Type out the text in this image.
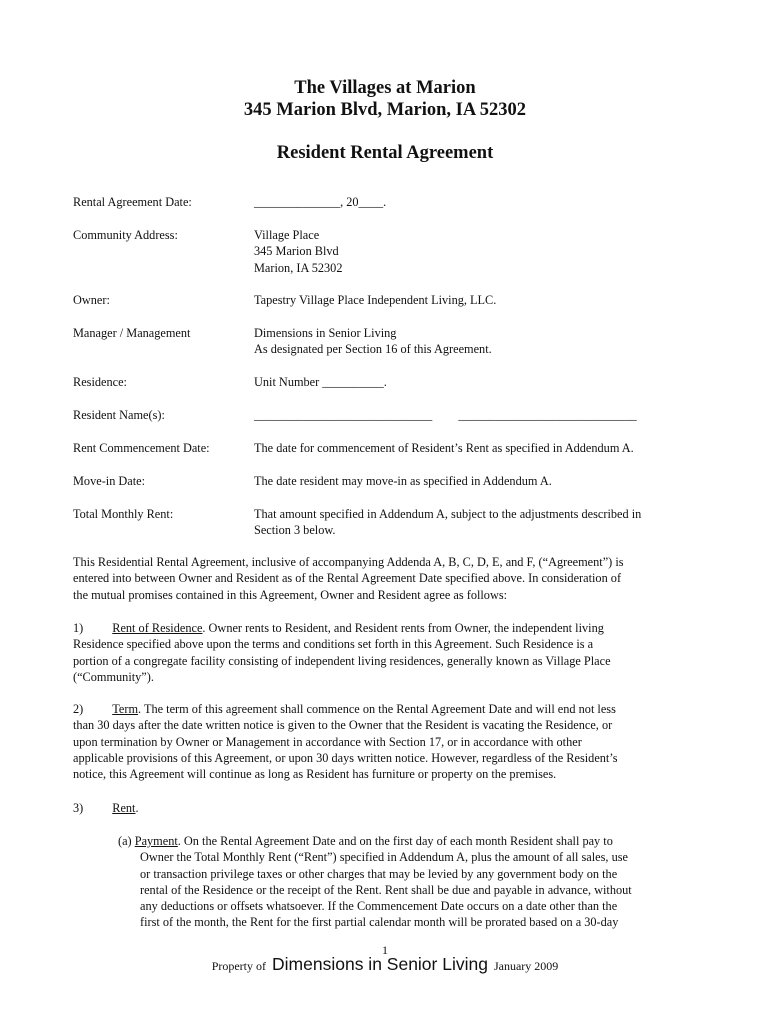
The Villages at Marion
345 Marion Blvd, Marion, IA 52302
Resident Rental Agreement
Rental Agreement Date:	______________, 20____.
Community Address:	Village Place
345 Marion Blvd
Marion, IA 52302
Owner:	Tapestry Village Place Independent Living, LLC.
Manager / Management	Dimensions in Senior Living
As designated per Section 16 of this Agreement.
Residence:	Unit Number __________.
Resident Name(s):	_____________________________ _____________________________
Rent Commencement Date:	The date for commencement of Resident’s Rent as specified in Addendum A.
Move-in Date:	The date resident may move-in as specified in Addendum A.
Total Monthly Rent:	That amount specified in Addendum A, subject to the adjustments described in
Section 3 below.
This Residential Rental Agreement, inclusive of accompanying Addenda A, B, C, D, E, and F, (“Agreement”) is
entered into between Owner and Resident as of the Rental Agreement Date specified above. In consideration of
the mutual promises contained in this Agreement, Owner and Resident agree as follows:
1) Rent of Residence. Owner rents to Resident, and Resident rents from Owner, the independent living
Residence specified above upon the terms and conditions set forth in this Agreement. Such Residence is a
portion of a congregate facility consisting of independent living residences, generally known as Village Place
(“Community”).
2) Term. The term of this agreement shall commence on the Rental Agreement Date and will end not less
than 30 days after the date written notice is given to the Owner that the Resident is vacating the Residence, or
upon termination by Owner or Management in accordance with Section 17, or in accordance with other
applicable provisions of this Agreement, or upon 30 days written notice. However, regardless of the Resident’s
notice, this Agreement will continue as long as Resident has furniture or property on the premises.
3) Rent.
(a) Payment. On the Rental Agreement Date and on the first day of each month Resident shall pay to
Owner the Total Monthly Rent (“Rent”) specified in Addendum A, plus the amount of all sales, use
or transaction privilege taxes or other charges that may be levied by any government body on the
rental of the Residence or the receipt of the Rent. Rent shall be due and payable in advance, without
any deductions or offsets whatsoever. If the Commencement Date occurs on a date other than the
first of the month, the Rent for the first partial calendar month will be prorated based on a 30-day
1
Property of Dimensions in Senior Living January 2009
